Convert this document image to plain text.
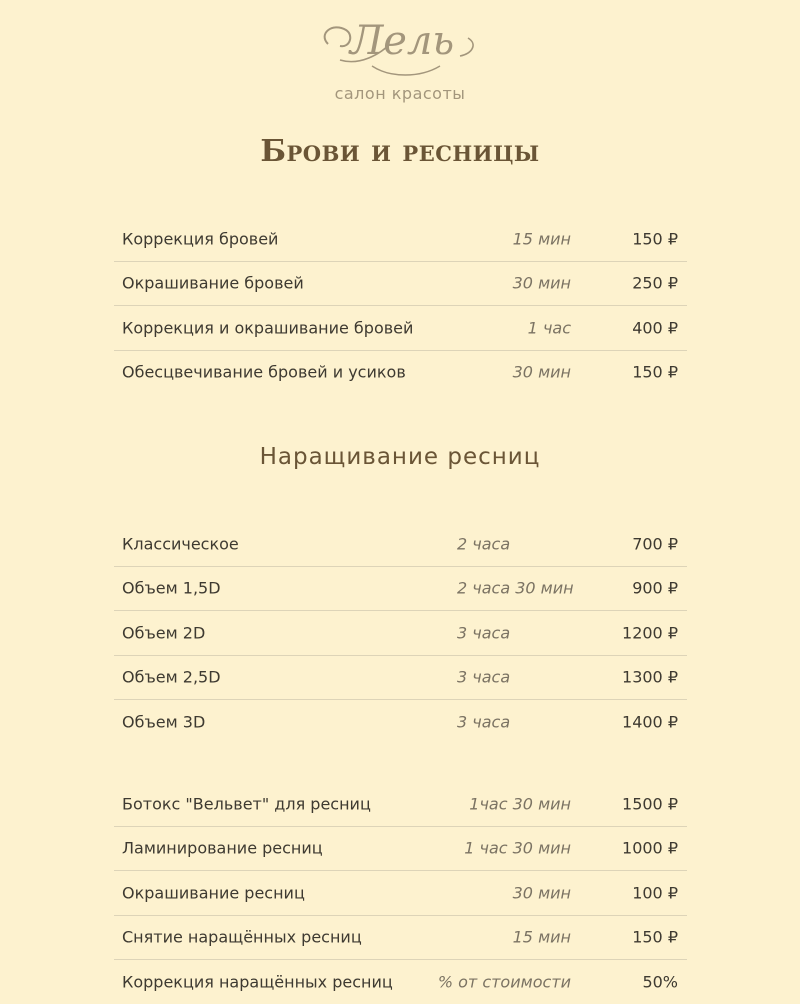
Лель
салон красоты
Брови и ресницы
Коррекция бровей	15 мин	150 ₽
Окрашивание бровей	30 мин	250 ₽
Коррекция и окрашивание бровей	1 час	400 ₽
Обесцвечивание бровей и усиков	30 мин	150 ₽
Наращивание ресниц
Классическое	2 часа	700 ₽
Объем 1,5D	2 часа 30 мин	900 ₽
Объем 2D	3 часа	1200 ₽
Объем 2,5D	3 часа	1300 ₽
Объем 3D	3 часа	1400 ₽
Ботокс "Вельвет" для ресниц	1час 30 мин	1500 ₽
Ламинирование ресниц	1 час 30 мин	1000 ₽
Окрашивание ресниц	30 мин	100 ₽
Снятие наращённых ресниц	15 мин	150 ₽
Коррекция наращённых ресниц	% от стоимости	50%
